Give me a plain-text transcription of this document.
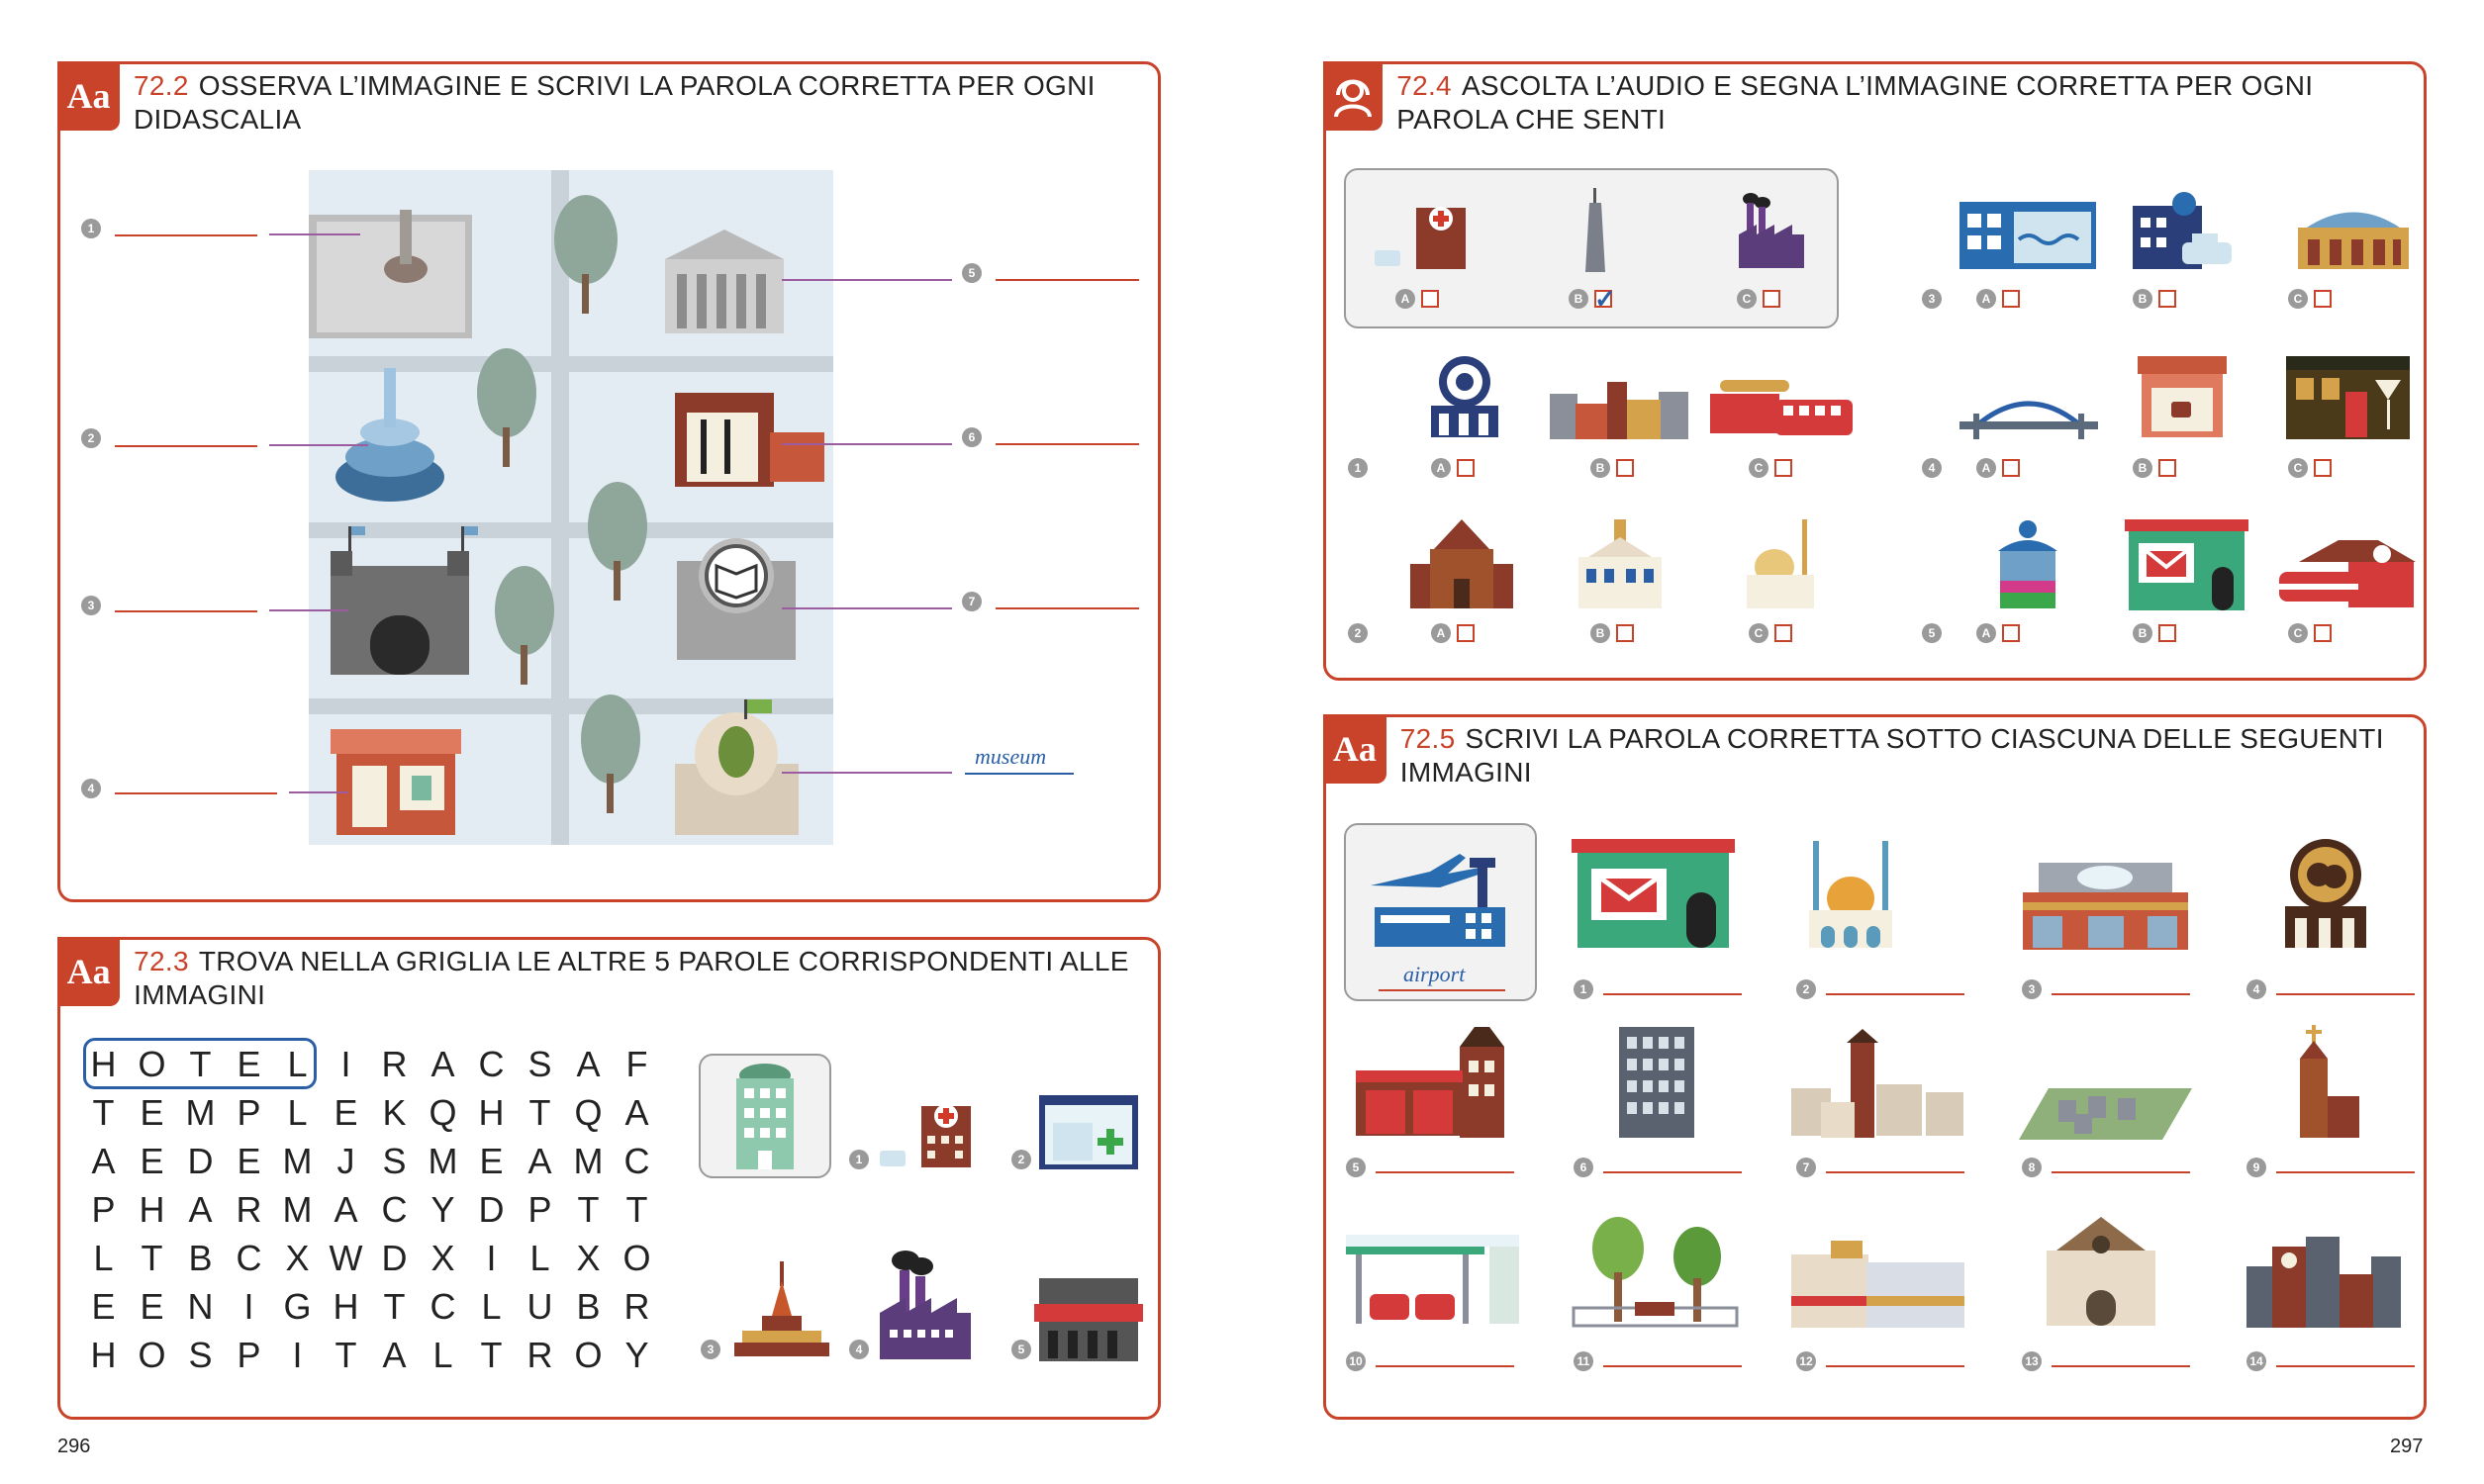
Aa 72.2 OSSERVA L’IMMAGINE E SCRIVI LA PAROLA CORRETTA PER OGNI DIDASCALIA
1
2
3
4
5
6
7
museum
Aa 72.3 TROVA NELLA GRIGLIA LE ALTRE 5 PAROLE CORRISPONDENTI ALLE IMMAGINI
H O T E L I R A C S A F
T E M P L E K Q H T Q A
A E D E M J S M E A M C
P H A R M A C Y D P T T
L T B C X W D X I L X O
E E N I G H T C L U B R
H O S P I T A L T R O Y
1	2
3	4	5
72.4 ASCOLTA L’AUDIO E SEGNA L’IMMAGINE CORRETTA PER OGNI PAROLA CHE SENTI
A	B ✓	C	3	A	B	C
1	A	B	C	4	A	B	C
2	A	B	C	5	A	B	C
Aa 72.5 SCRIVI LA PAROLA CORRETTA SOTTO CIASCUNA DELLE SEGUENTI IMMAGINI
airport
1	2	3	4
5	6	7	8	9
10	11	12	13	14
296	297
